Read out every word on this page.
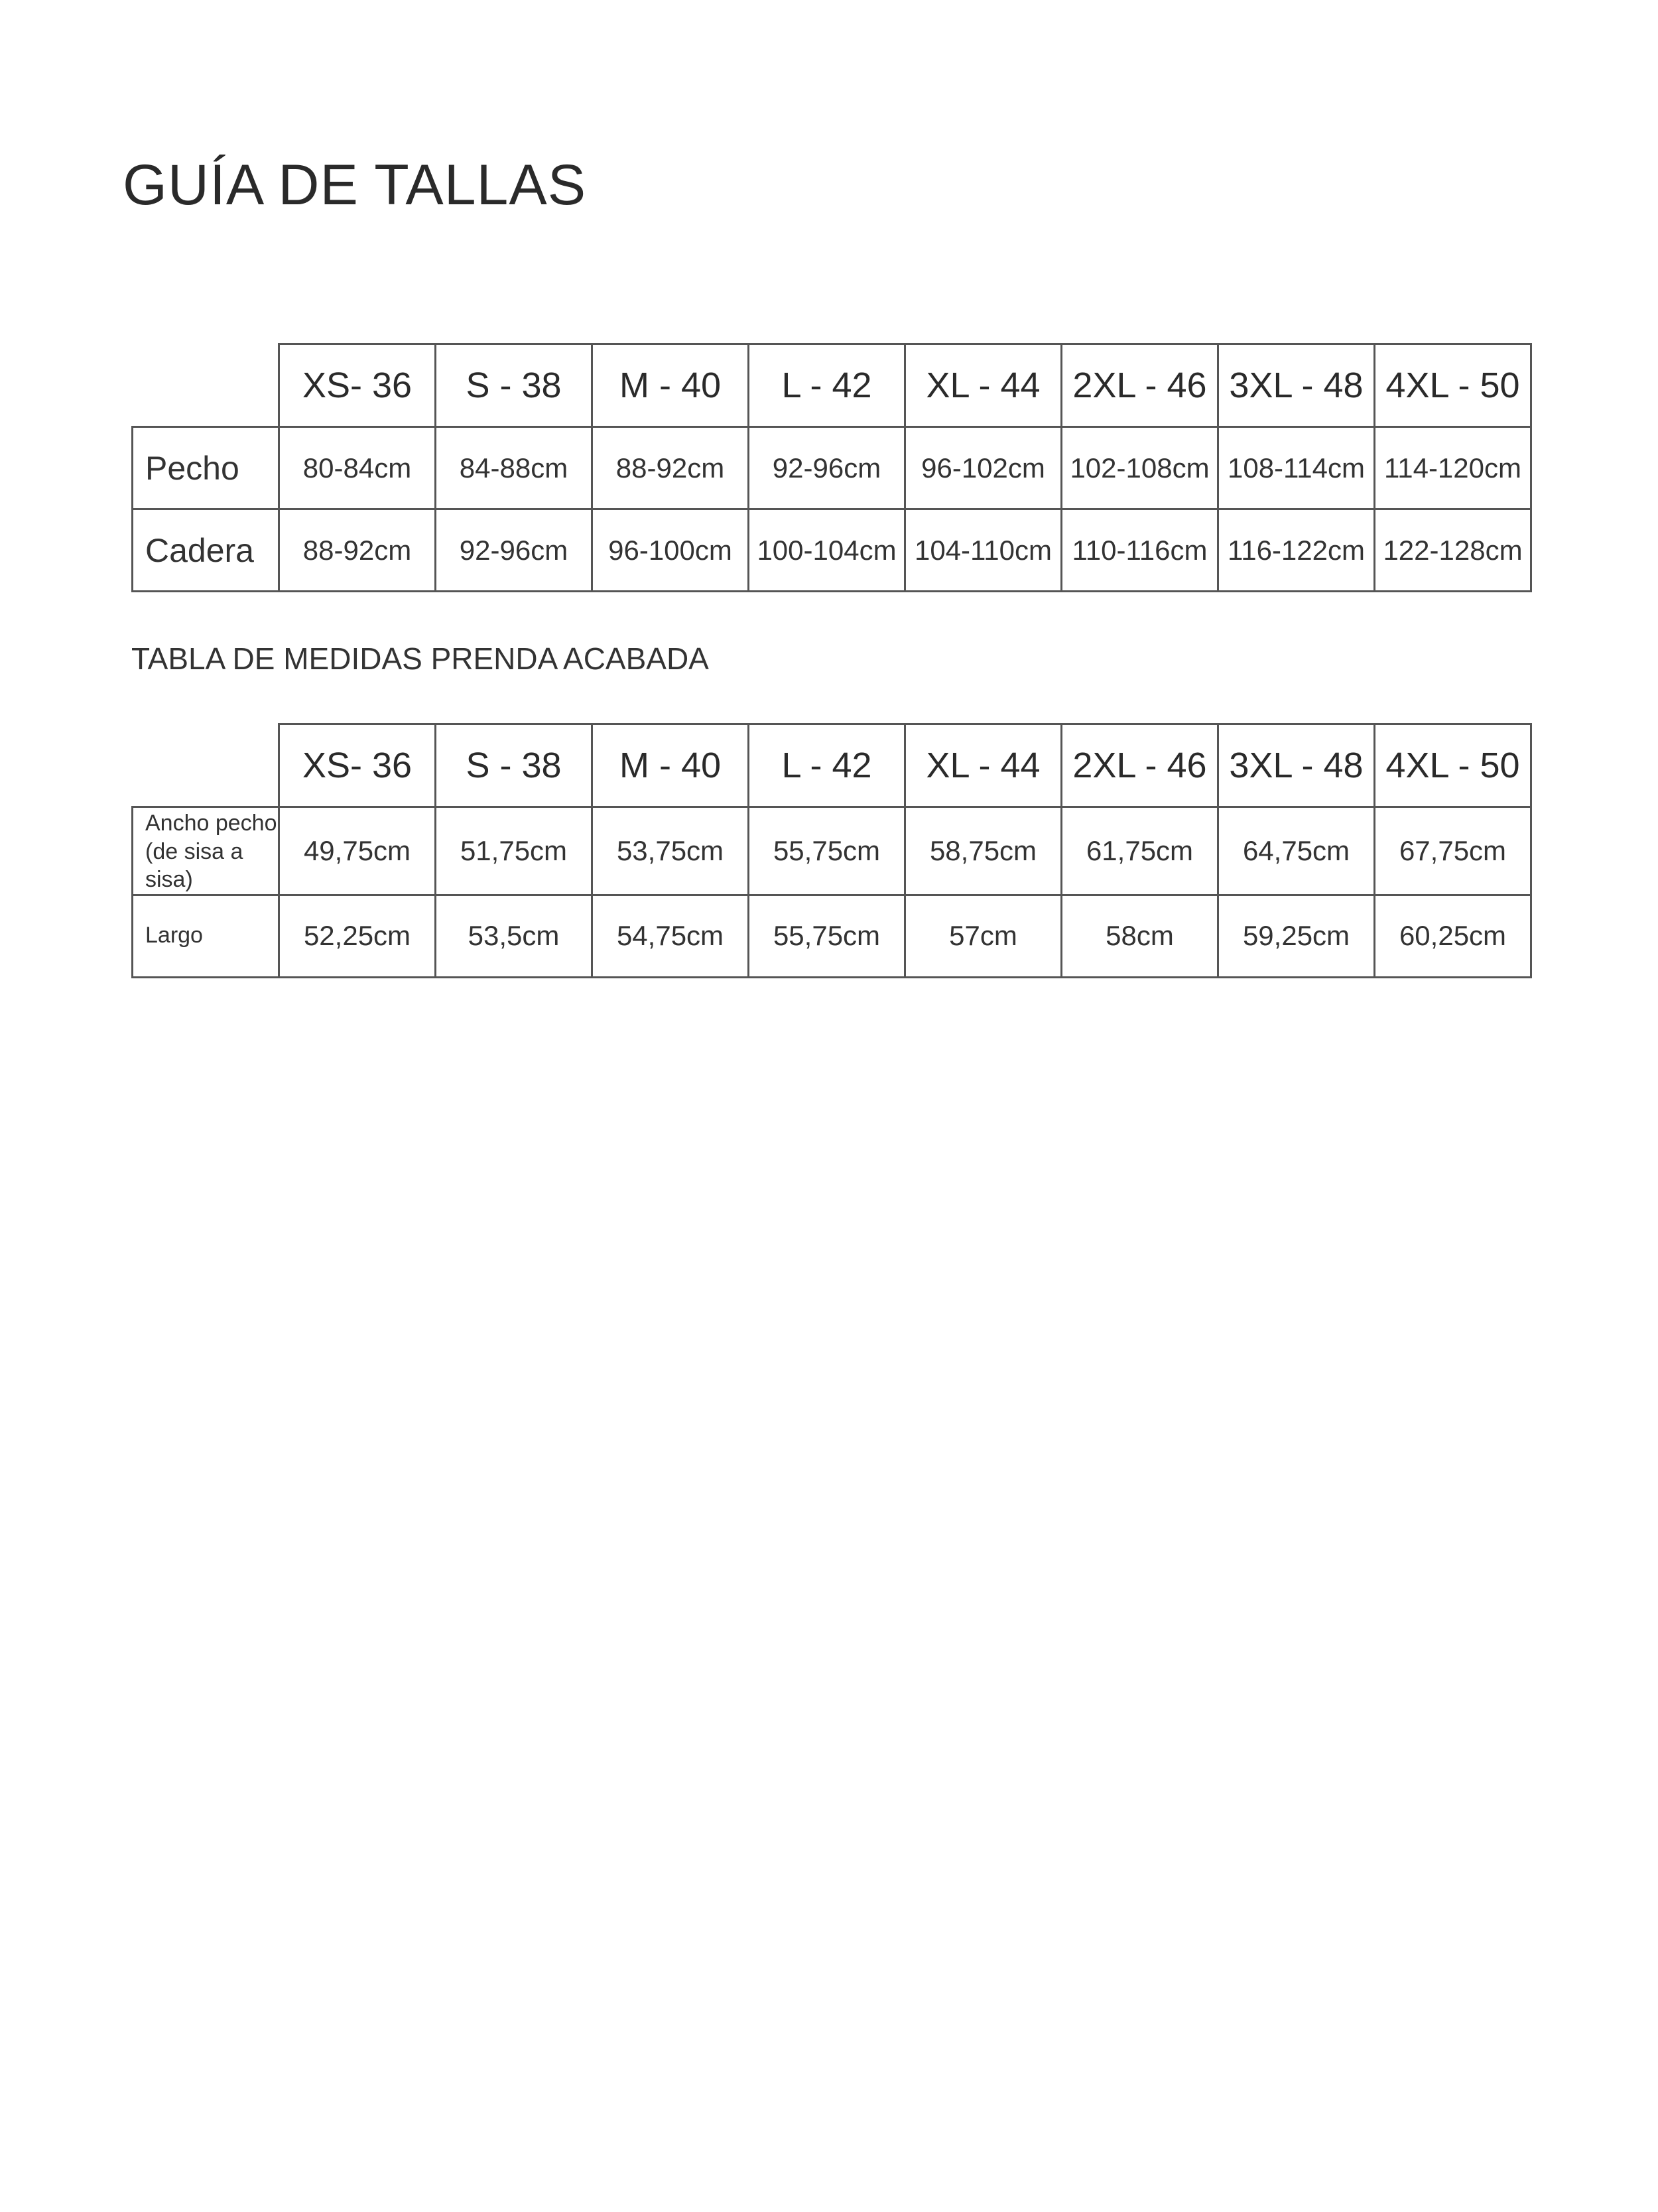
GUÍA DE TALLAS
	XS- 36	S - 38	M - 40	L - 42	XL - 44	2XL - 46	3XL - 48	4XL - 50
Pecho	80-84cm	84-88cm	88-92cm	92-96cm	96-102cm	102-108cm	108-114cm	114-120cm
Cadera	88-92cm	92-96cm	96-100cm	100-104cm	104-110cm	110-116cm	116-122cm	122-128cm
TABLA DE MEDIDAS PRENDA ACABADA
	XS- 36	S - 38	M - 40	L - 42	XL - 44	2XL - 46	3XL - 48	4XL - 50
Ancho pecho (de sisa a sisa)	49,75cm	51,75cm	53,75cm	55,75cm	58,75cm	61,75cm	64,75cm	67,75cm
Largo	52,25cm	53,5cm	54,75cm	55,75cm	57cm	58cm	59,25cm	60,25cm
